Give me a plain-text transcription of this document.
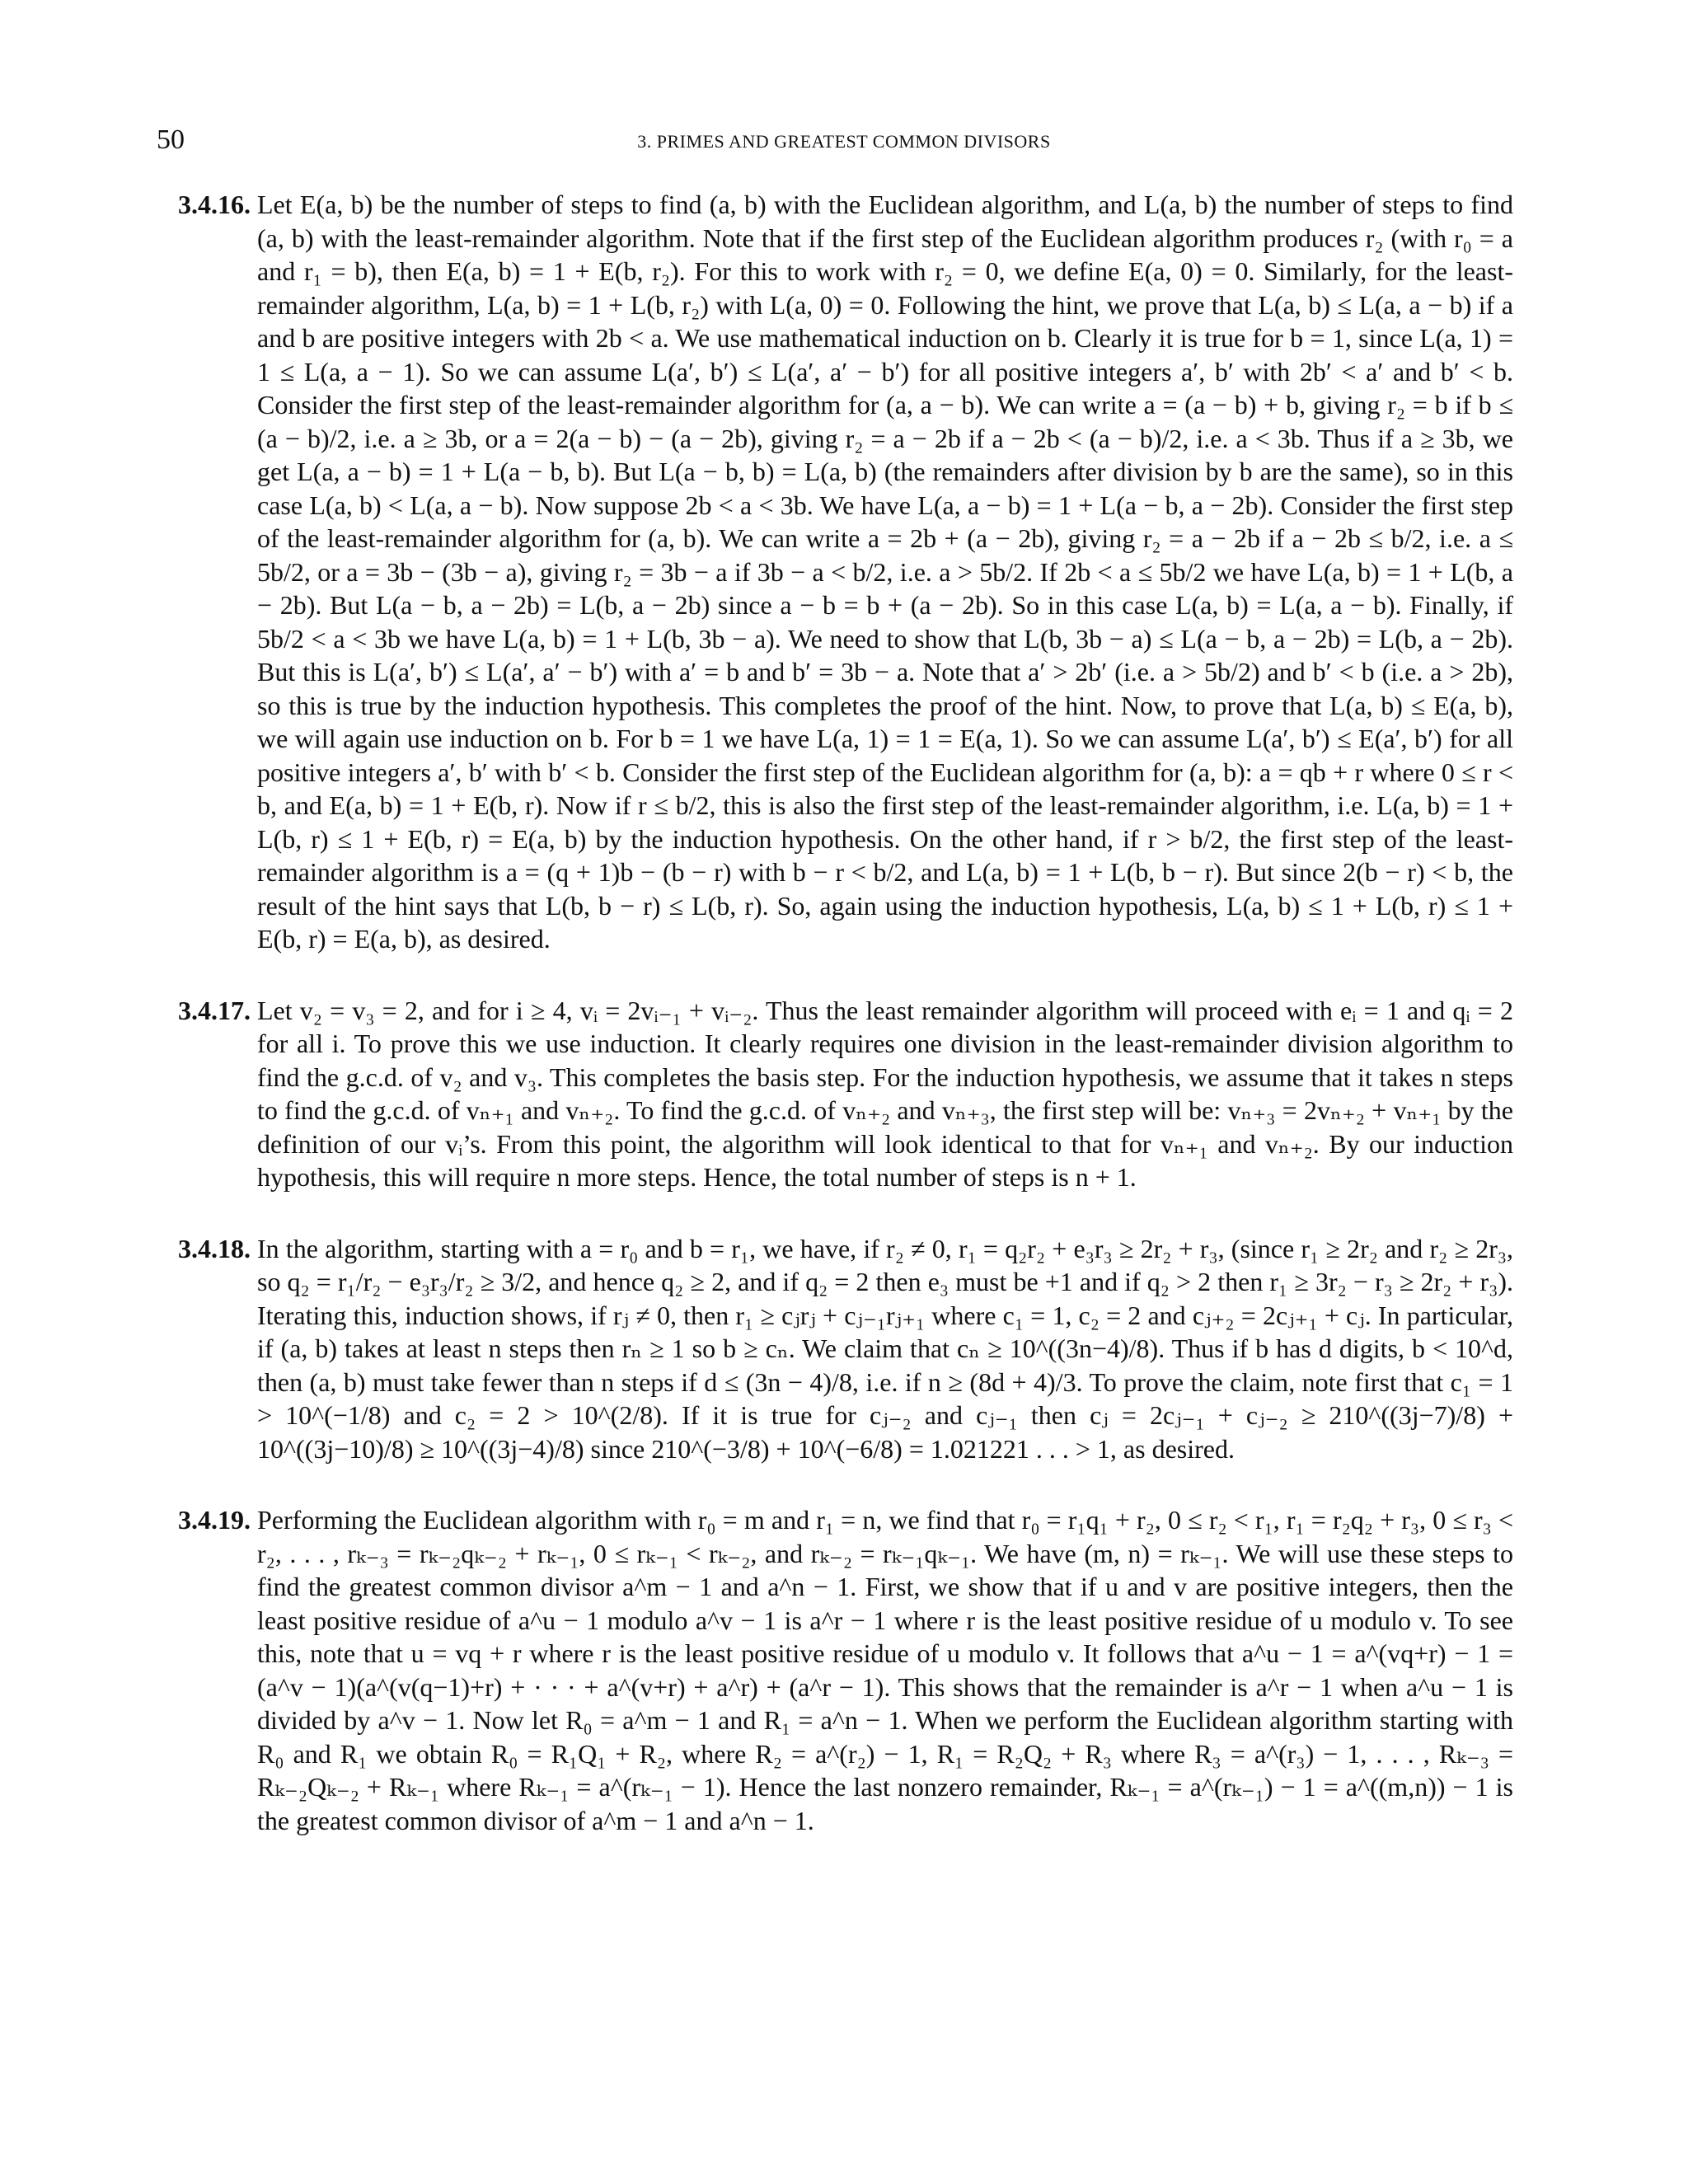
50	3. PRIMES AND GREATEST COMMON DIVISORS
3.4.16. Let E(a, b) be the number of steps to find (a, b) with the Euclidean algorithm, and L(a, b) the number of steps to find (a, b) with the least-remainder algorithm. Note that if the first step of the Euclidean algorithm produces r₂ (with r₀ = a and r₁ = b), then E(a, b) = 1 + E(b, r₂). For this to work with r₂ = 0, we define E(a, 0) = 0. Similarly, for the least-remainder algorithm, L(a, b) = 1 + L(b, r₂) with L(a, 0) = 0. Following the hint, we prove that L(a, b) ≤ L(a, a − b) if a and b are positive integers with 2b < a. We use mathematical induction on b. Clearly it is true for b = 1, since L(a, 1) = 1 ≤ L(a, a − 1). So we can assume L(a′, b′) ≤ L(a′, a′ − b′) for all positive integers a′, b′ with 2b′ < a′ and b′ < b. Consider the first step of the least-remainder algorithm for (a, a − b). We can write a = (a − b) + b, giving r₂ = b if b ≤ (a − b)/2, i.e. a ≥ 3b, or a = 2(a − b) − (a − 2b), giving r₂ = a − 2b if a − 2b < (a − b)/2, i.e. a < 3b. Thus if a ≥ 3b, we get L(a, a − b) = 1 + L(a − b, b). But L(a − b, b) = L(a, b) (the remainders after division by b are the same), so in this case L(a, b) < L(a, a − b). Now suppose 2b < a < 3b. We have L(a, a − b) = 1 + L(a − b, a − 2b). Consider the first step of the least-remainder algorithm for (a, b). We can write a = 2b + (a − 2b), giving r₂ = a − 2b if a − 2b ≤ b/2, i.e. a ≤ 5b/2, or a = 3b − (3b − a), giving r₂ = 3b − a if 3b − a < b/2, i.e. a > 5b/2. If 2b < a ≤ 5b/2 we have L(a, b) = 1 + L(b, a − 2b). But L(a − b, a − 2b) = L(b, a − 2b) since a − b = b + (a − 2b). So in this case L(a, b) = L(a, a − b). Finally, if 5b/2 < a < 3b we have L(a, b) = 1 + L(b, 3b − a). We need to show that L(b, 3b − a) ≤ L(a − b, a − 2b) = L(b, a − 2b). But this is L(a′, b′) ≤ L(a′, a′ − b′) with a′ = b and b′ = 3b − a. Note that a′ > 2b′ (i.e. a > 5b/2) and b′ < b (i.e. a > 2b), so this is true by the induction hypothesis. This completes the proof of the hint. Now, to prove that L(a, b) ≤ E(a, b), we will again use induction on b. For b = 1 we have L(a, 1) = 1 = E(a, 1). So we can assume L(a′, b′) ≤ E(a′, b′) for all positive integers a′, b′ with b′ < b. Consider the first step of the Euclidean algorithm for (a, b): a = qb + r where 0 ≤ r < b, and E(a, b) = 1 + E(b, r). Now if r ≤ b/2, this is also the first step of the least-remainder algorithm, i.e. L(a, b) = 1 + L(b, r) ≤ 1 + E(b, r) = E(a, b) by the induction hypothesis. On the other hand, if r > b/2, the first step of the least-remainder algorithm is a = (q + 1)b − (b − r) with b − r < b/2, and L(a, b) = 1 + L(b, b − r). But since 2(b − r) < b, the result of the hint says that L(b, b − r) ≤ L(b, r). So, again using the induction hypothesis, L(a, b) ≤ 1 + L(b, r) ≤ 1 + E(b, r) = E(a, b), as desired.
3.4.17. Let v₂ = v₃ = 2, and for i ≥ 4, vᵢ = 2vᵢ₋₁ + vᵢ₋₂. Thus the least remainder algorithm will proceed with eᵢ = 1 and qᵢ = 2 for all i. To prove this we use induction. It clearly requires one division in the least-remainder division algorithm to find the g.c.d. of v₂ and v₃. This completes the basis step. For the induction hypothesis, we assume that it takes n steps to find the g.c.d. of vₙ₊₁ and vₙ₊₂. To find the g.c.d. of vₙ₊₂ and vₙ₊₃, the first step will be: vₙ₊₃ = 2vₙ₊₂ + vₙ₊₁ by the definition of our vᵢ’s. From this point, the algorithm will look identical to that for vₙ₊₁ and vₙ₊₂. By our induction hypothesis, this will require n more steps. Hence, the total number of steps is n + 1.
3.4.18. In the algorithm, starting with a = r₀ and b = r₁, we have, if r₂ ≠ 0, r₁ = q₂r₂ + e₃r₃ ≥ 2r₂ + r₃, (since r₁ ≥ 2r₂ and r₂ ≥ 2r₃, so q₂ = r₁/r₂ − e₃r₃/r₂ ≥ 3/2, and hence q₂ ≥ 2, and if q₂ = 2 then e₃ must be +1 and if q₂ > 2 then r₁ ≥ 3r₂ − r₃ ≥ 2r₂ + r₃). Iterating this, induction shows, if rⱼ ≠ 0, then r₁ ≥ cⱼrⱼ + cⱼ₋₁rⱼ₊₁ where c₁ = 1, c₂ = 2 and cⱼ₊₂ = 2cⱼ₊₁ + cⱼ. In particular, if (a, b) takes at least n steps then rₙ ≥ 1 so b ≥ cₙ. We claim that cₙ ≥ 10^((3n−4)/8). Thus if b has d digits, b < 10^d, then (a, b) must take fewer than n steps if d ≤ (3n − 4)/8, i.e. if n ≥ (8d + 4)/3. To prove the claim, note first that c₁ = 1 > 10^(−1/8) and c₂ = 2 > 10^(2/8). If it is true for cⱼ₋₂ and cⱼ₋₁ then cⱼ = 2cⱼ₋₁ + cⱼ₋₂ ≥ 210^((3j−7)/8) + 10^((3j−10)/8) ≥ 10^((3j−4)/8) since 210^(−3/8) + 10^(−6/8) = 1.021221 . . . > 1, as desired.
3.4.19. Performing the Euclidean algorithm with r₀ = m and r₁ = n, we find that r₀ = r₁q₁ + r₂, 0 ≤ r₂ < r₁, r₁ = r₂q₂ + r₃, 0 ≤ r₃ < r₂, . . . , rₖ₋₃ = rₖ₋₂qₖ₋₂ + rₖ₋₁, 0 ≤ rₖ₋₁ < rₖ₋₂, and rₖ₋₂ = rₖ₋₁qₖ₋₁. We have (m, n) = rₖ₋₁. We will use these steps to find the greatest common divisor a^m − 1 and a^n − 1. First, we show that if u and v are positive integers, then the least positive residue of a^u − 1 modulo a^v − 1 is a^r − 1 where r is the least positive residue of u modulo v. To see this, note that u = vq + r where r is the least positive residue of u modulo v. It follows that a^u − 1 = a^(vq+r) − 1 = (a^v − 1)(a^(v(q−1)+r) + · · · + a^(v+r) + a^r) + (a^r − 1). This shows that the remainder is a^r − 1 when a^u − 1 is divided by a^v − 1. Now let R₀ = a^m − 1 and R₁ = a^n − 1. When we perform the Euclidean algorithm starting with R₀ and R₁ we obtain R₀ = R₁Q₁ + R₂, where R₂ = a^(r₂) − 1, R₁ = R₂Q₂ + R₃ where R₃ = a^(r₃) − 1, . . . , Rₖ₋₃ = Rₖ₋₂Qₖ₋₂ + Rₖ₋₁ where Rₖ₋₁ = a^(rₖ₋₁ − 1). Hence the last nonzero remainder, Rₖ₋₁ = a^(rₖ₋₁) − 1 = a^((m,n)) − 1 is the greatest common divisor of a^m − 1 and a^n − 1.
